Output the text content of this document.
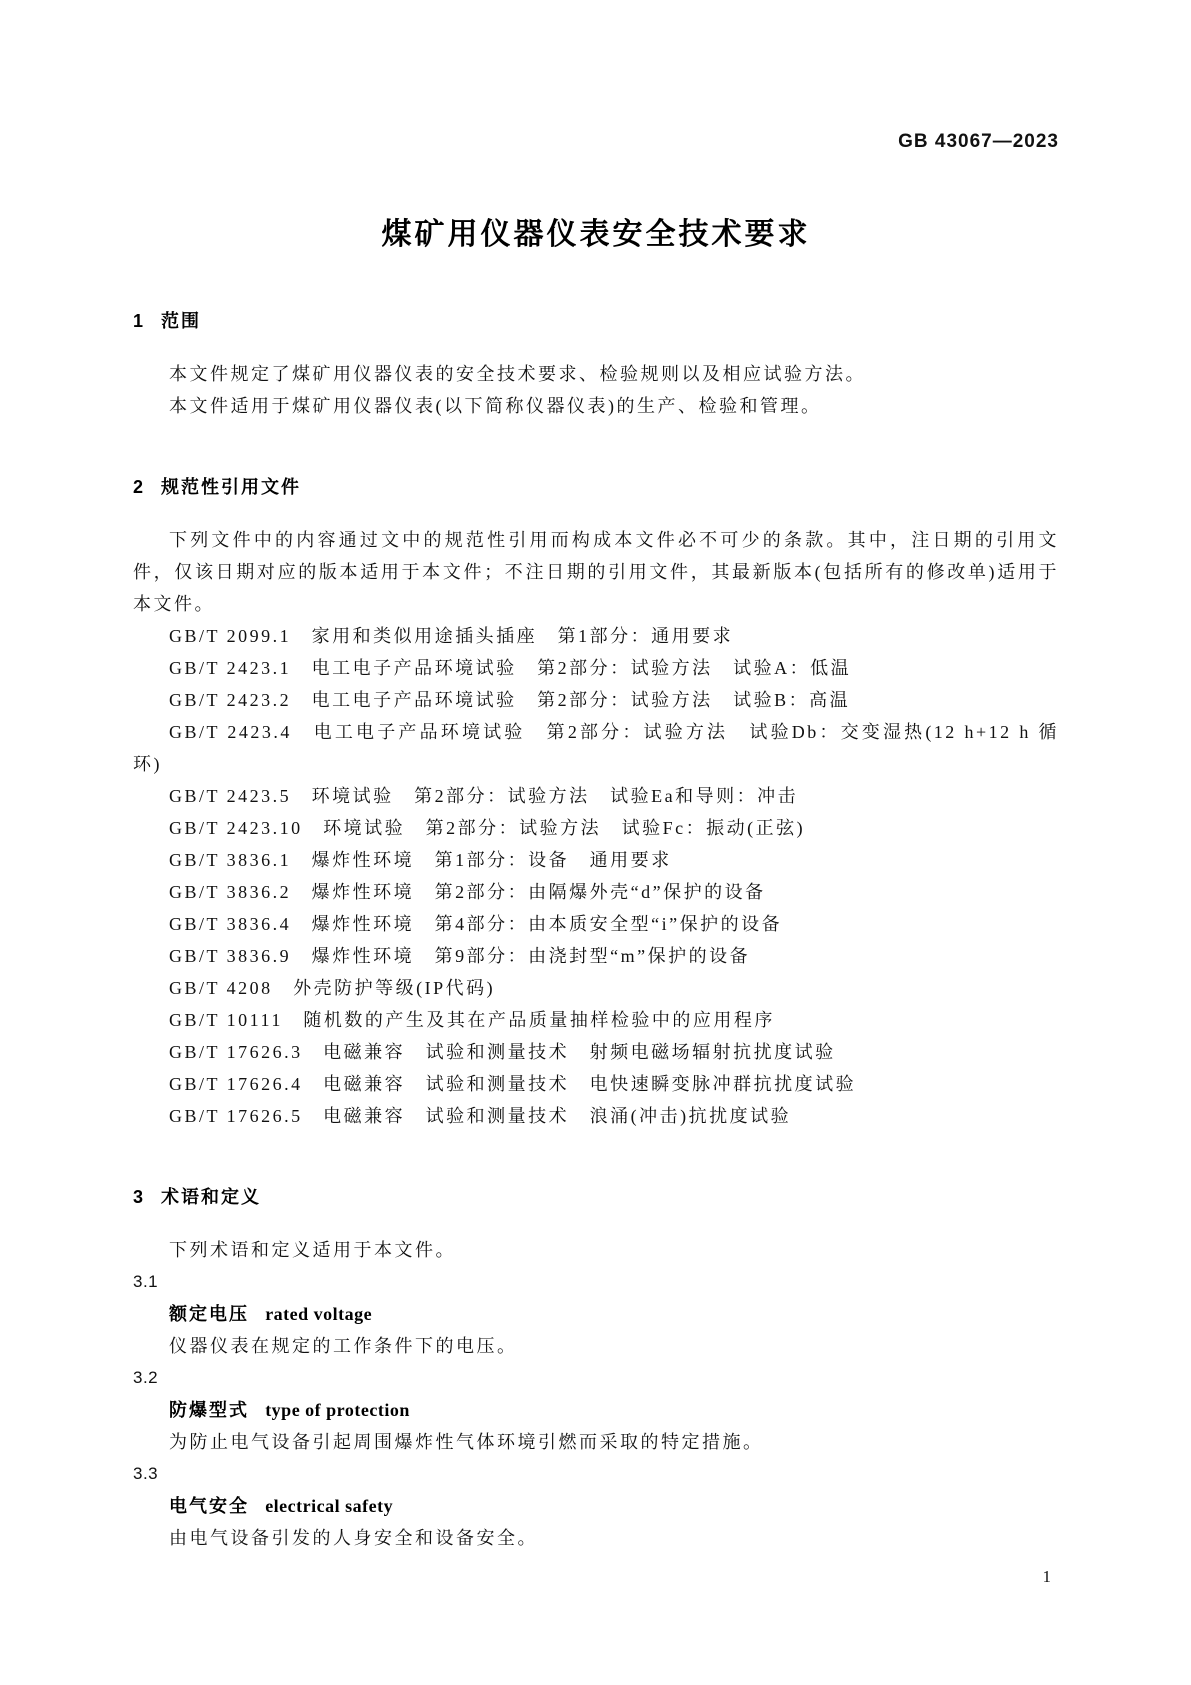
GB 43067—2023
煤矿用仪器仪表安全技术要求
1 范围

本文件规定了煤矿用仪器仪表的安全技术要求、检验规则以及相应试验方法。

本文件适用于煤矿用仪器仪表(以下简称仪器仪表)的生产、检验和管理。

2 规范性引用文件

下列文件中的内容通过文中的规范性引用而构成本文件必不可少的条款。其中，注日期的引用文件，仅该日期对应的版本适用于本文件；不注日期的引用文件，其最新版本(包括所有的修改单)适用于本文件。

GB/T 2099.1　家用和类似用途插头插座　第1部分：通用要求
GB/T 2423.1　电工电子产品环境试验　第2部分：试验方法　试验A：低温
GB/T 2423.2　电工电子产品环境试验　第2部分：试验方法　试验B：高温
GB/T 2423.4　电工电子产品环境试验　第2部分：试验方法　试验Db：交变湿热(12 h+12 h 循环)
GB/T 2423.5　环境试验　第2部分：试验方法　试验Ea和导则：冲击
GB/T 2423.10　环境试验　第2部分：试验方法　试验Fc：振动(正弦)
GB/T 3836.1　爆炸性环境　第1部分：设备　通用要求
GB/T 3836.2　爆炸性环境　第2部分：由隔爆外壳“d”保护的设备
GB/T 3836.4　爆炸性环境　第4部分：由本质安全型“i”保护的设备
GB/T 3836.9　爆炸性环境　第9部分：由浇封型“m”保护的设备
GB/T 4208　外壳防护等级(IP代码)
GB/T 10111　随机数的产生及其在产品质量抽样检验中的应用程序
GB/T 17626.3　电磁兼容　试验和测量技术　射频电磁场辐射抗扰度试验
GB/T 17626.4　电磁兼容　试验和测量技术　电快速瞬变脉冲群抗扰度试验
GB/T 17626.5　电磁兼容　试验和测量技术　浪涌(冲击)抗扰度试验
3 术语和定义

下列术语和定义适用于本文件。

3.1
额定电压 rated voltage

仪器仪表在规定的工作条件下的电压。

3.2
防爆型式 type of protection

为防止电气设备引起周围爆炸性气体环境引燃而采取的特定措施。

3.3
电气安全 electrical safety

由电气设备引发的人身安全和设备安全。

1
